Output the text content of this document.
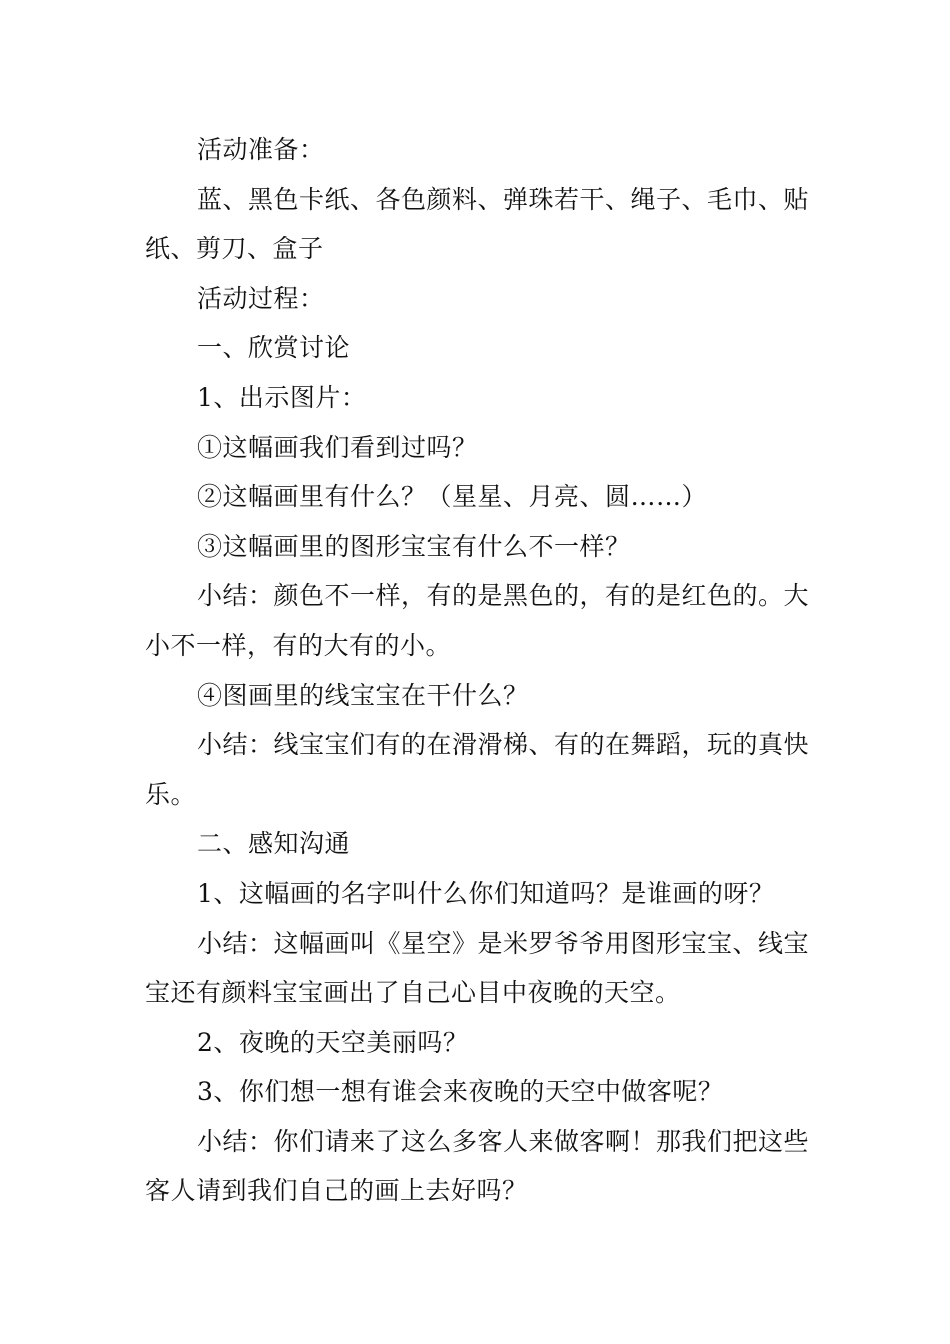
活动准备：

蓝、黑色卡纸、各色颜料、弹珠若干、绳子、毛巾、贴纸、剪刀、盒子

活动过程：

一、欣赏讨论

1、出示图片：

①这幅画我们看到过吗？

②这幅画里有什么？（星星、月亮、圆……）

③这幅画里的图形宝宝有什么不一样？

小结：颜色不一样，有的是黑色的，有的是红色的。大小不一样，有的大有的小。

④图画里的线宝宝在干什么？

小结：线宝宝们有的在滑滑梯、有的在舞蹈，玩的真快乐。

二、感知沟通

1、这幅画的名字叫什么你们知道吗？是谁画的呀？

小结：这幅画叫《星空》是米罗爷爷用图形宝宝、线宝宝还有颜料宝宝画出了自己心目中夜晚的天空。

2、夜晚的天空美丽吗？

3、你们想一想有谁会来夜晚的天空中做客呢？

小结：你们请来了这么多客人来做客啊！那我们把这些客人请到我们自己的画上去好吗？
